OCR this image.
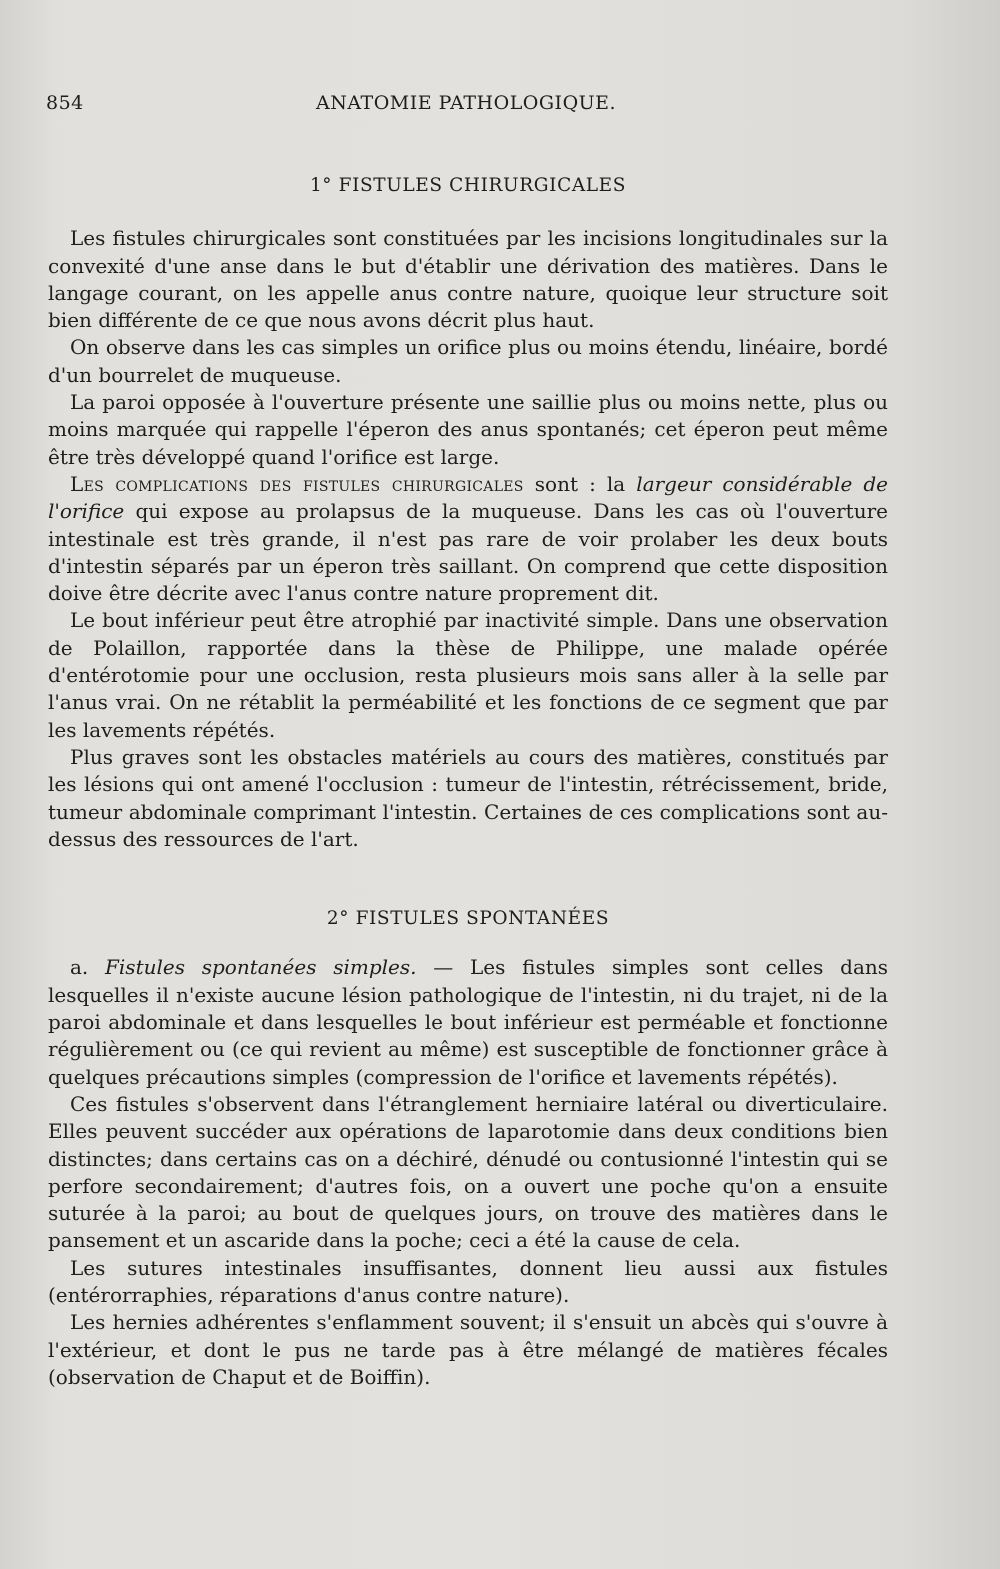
854	ANATOMIE PATHOLOGIQUE.
1° FISTULES CHIRURGICALES

Les fistules chirurgicales sont constituées par les incisions longitudinales sur la convexité d'une anse dans le but d'établir une dérivation des matières. Dans le langage courant, on les appelle anus contre nature, quoique leur structure soit bien différente de ce que nous avons décrit plus haut.

On observe dans les cas simples un orifice plus ou moins étendu, linéaire, bordé d'un bourrelet de muqueuse.

La paroi opposée à l'ouverture présente une saillie plus ou moins nette, plus ou moins marquée qui rappelle l'éperon des anus spontanés; cet éperon peut même être très développé quand l'orifice est large.

Les complications des fistules chirurgicales sont : la largeur considérable de l'orifice qui expose au prolapsus de la muqueuse. Dans les cas où l'ouverture intestinale est très grande, il n'est pas rare de voir prolaber les deux bouts d'intestin séparés par un éperon très saillant. On comprend que cette disposition doive être décrite avec l'anus contre nature proprement dit.

Le bout inférieur peut être atrophié par inactivité simple. Dans une observation de Polaillon, rapportée dans la thèse de Philippe, une malade opérée d'entérotomie pour une occlusion, resta plusieurs mois sans aller à la selle par l'anus vrai. On ne rétablit la perméabilité et les fonctions de ce segment que par les lavements répétés.

Plus graves sont les obstacles matériels au cours des matières, constitués par les lésions qui ont amené l'occlusion : tumeur de l'intestin, rétrécissement, bride, tumeur abdominale comprimant l'intestin. Certaines de ces complications sont au-dessus des ressources de l'art.

2° FISTULES SPONTANÉES

a. Fistules spontanées simples. — Les fistules simples sont celles dans lesquelles il n'existe aucune lésion pathologique de l'intestin, ni du trajet, ni de la paroi abdominale et dans lesquelles le bout inférieur est perméable et fonctionne régulièrement ou (ce qui revient au même) est susceptible de fonctionner grâce à quelques précautions simples (compression de l'orifice et lavements répétés).

Ces fistules s'observent dans l'étranglement herniaire latéral ou diverticulaire. Elles peuvent succéder aux opérations de laparotomie dans deux conditions bien distinctes; dans certains cas on a déchiré, dénudé ou contusionné l'intestin qui se perfore secondairement; d'autres fois, on a ouvert une poche qu'on a ensuite suturée à la paroi; au bout de quelques jours, on trouve des matières dans le pansement et un ascaride dans la poche; ceci a été la cause de cela.

Les sutures intestinales insuffisantes, donnent lieu aussi aux fistules (entérorraphies, réparations d'anus contre nature).

Les hernies adhérentes s'enflamment souvent; il s'ensuit un abcès qui s'ouvre à l'extérieur, et dont le pus ne tarde pas à être mélangé de matières fécales (observation de Chaput et de Boiffin).
